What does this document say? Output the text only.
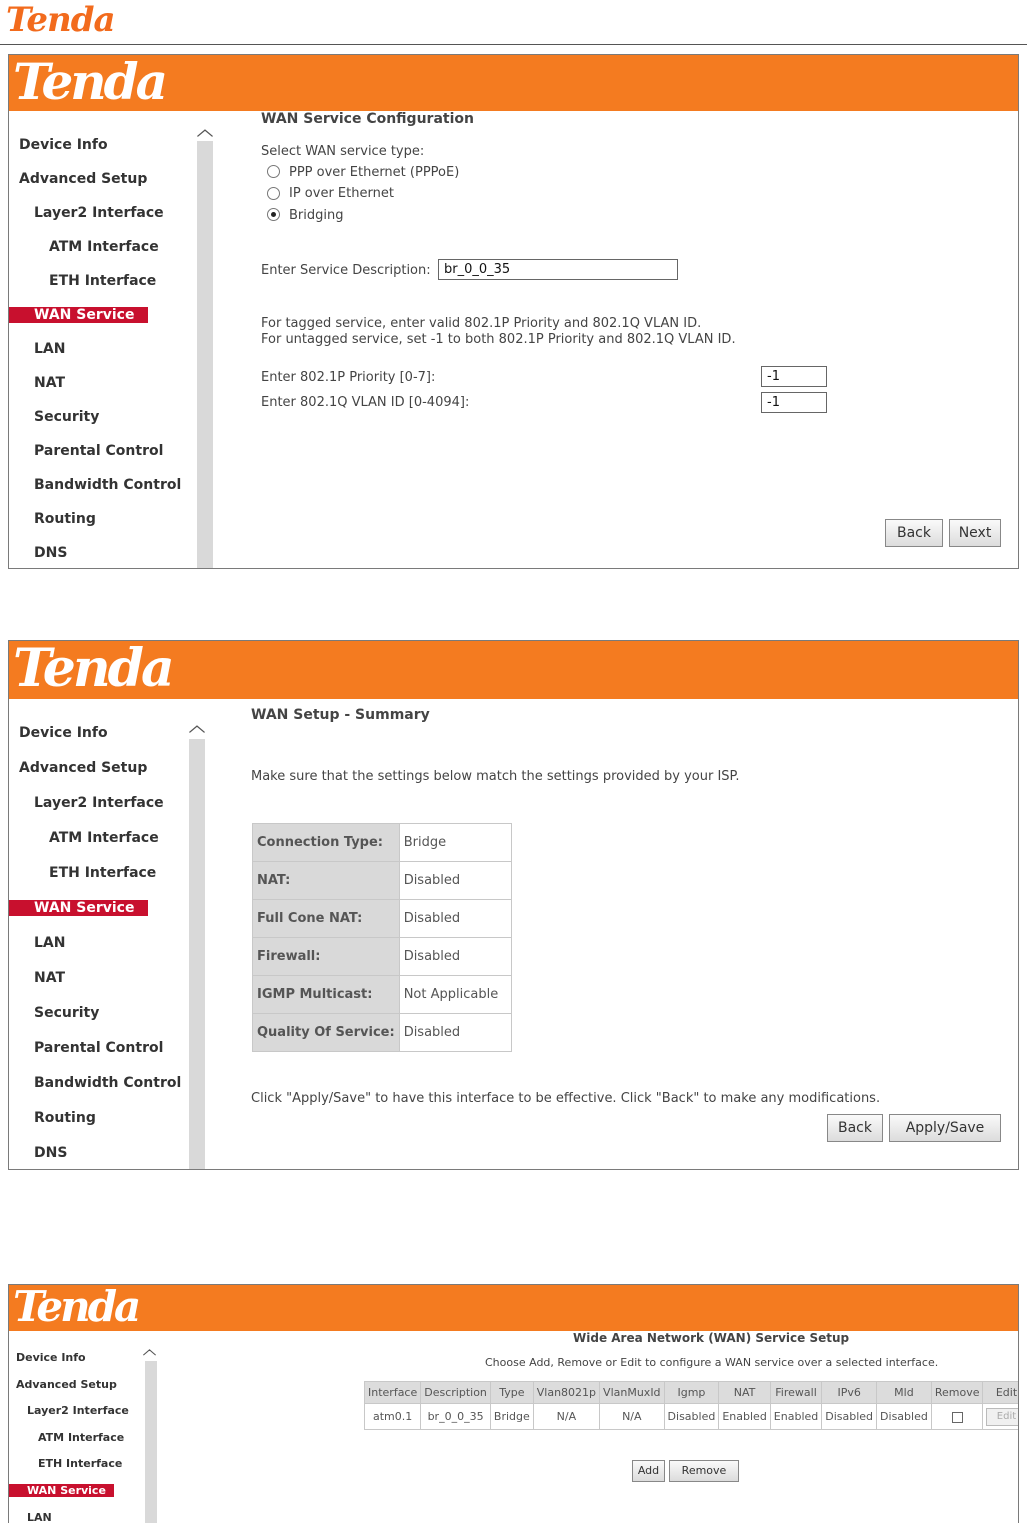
Tenda
Tenda
︿
Device Info
Advanced Setup
Layer2 Interface
ATM Interface
ETH Interface
WAN Service
LAN
NAT
Security
Parental Control
Bandwidth Control
Routing
DNS
WAN Service Configuration
Select WAN service type:
PPP over Ethernet (PPPoE)
IP over Ethernet
Bridging
Enter Service Description:	br_0_0_35
For tagged service, enter valid 802.1P Priority and 802.1Q VLAN ID.
For untagged service, set -1 to both 802.1P Priority and 802.1Q VLAN ID.
Enter 802.1P Priority [0-7]:	-1
Enter 802.1Q VLAN ID [0-4094]:	-1
Back	Next
Tenda
︿
Device Info
Advanced Setup
Layer2 Interface
ATM Interface
ETH Interface
WAN Service
LAN
NAT
Security
Parental Control
Bandwidth Control
Routing
DNS
WAN Setup - Summary
Make sure that the settings below match the settings provided by your ISP.
Connection Type:	Bridge
NAT:	Disabled
Full Cone NAT:	Disabled
Firewall:	Disabled
IGMP Multicast:	Not Applicable
Quality Of Service:	Disabled
Click "Apply/Save" to have this interface to be effective. Click "Back" to make any modifications.
Back	Apply/Save
Tenda
︿
Device Info
Advanced Setup
Layer2 Interface
ATM Interface
ETH Interface
WAN Service
LAN
Wide Area Network (WAN) Service Setup
Choose Add, Remove or Edit to configure a WAN service over a selected interface.
Interface	Description	Type	Vlan8021p	VlanMuxId	Igmp	NAT	Firewall	IPv6	Mld	Remove	Edit
atm0.1	br_0_0_35	Bridge	N/A	N/A	Disabled	Enabled	Enabled	Disabled	Disabled		Edit
Add	Remove
